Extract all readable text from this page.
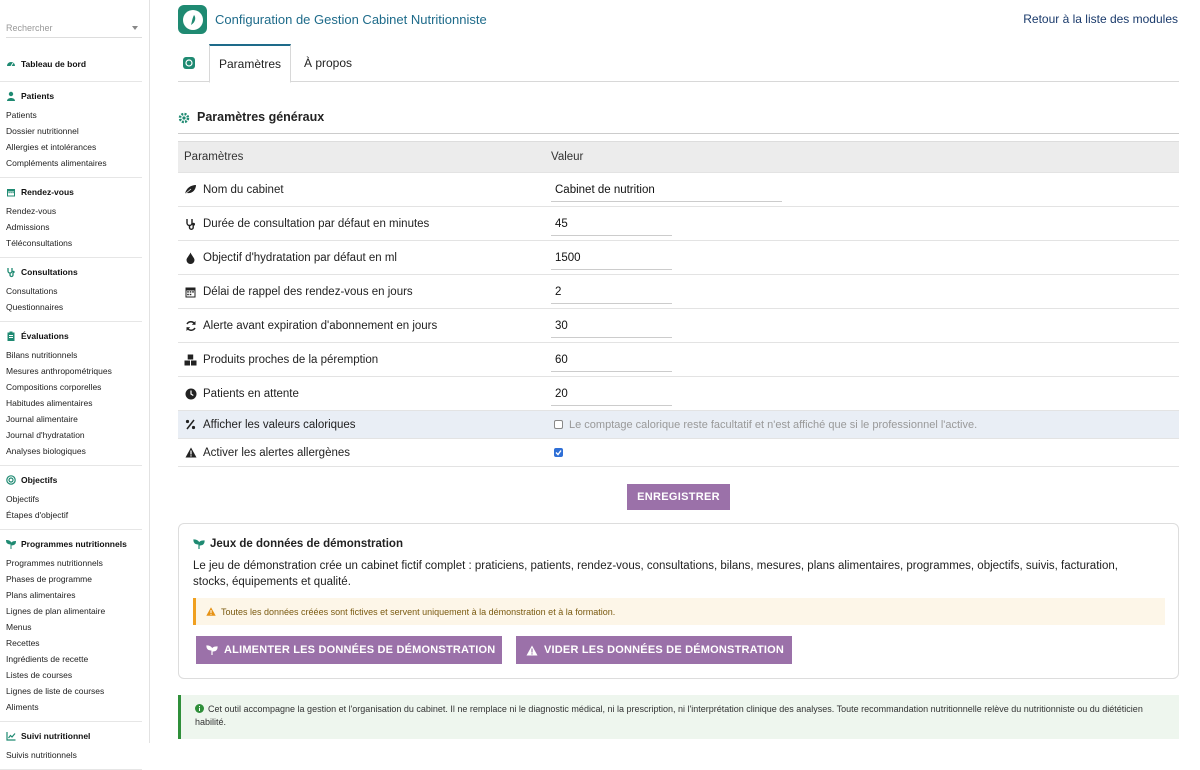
Rechercher
Tableau de bord
Patients
Patients
Dossier nutritionnel
Allergies et intolérances
Compléments alimentaires
Rendez-vous
Rendez-vous
Admissions
Téléconsultations
Consultations
Consultations
Questionnaires
Évaluations
Bilans nutritionnels
Mesures anthropométriques
Compositions corporelles
Habitudes alimentaires
Journal alimentaire
Journal d'hydratation
Analyses biologiques
Objectifs
Objectifs
Étapes d'objectif
Programmes nutritionnels
Programmes nutritionnels
Phases de programme
Plans alimentaires
Lignes de plan alimentaire
Menus
Recettes
Ingrédients de recette
Listes de courses
Lignes de liste de courses
Aliments
Suivi nutritionnel
Suivis nutritionnels
Configuration de Gestion Cabinet Nutritionniste	Retour à la liste des modules
Paramètres	À propos
Paramètres généraux
Paramètres	Valeur
Nom du cabinet	Cabinet de nutrition
Durée de consultation par défaut en minutes	45
Objectif d'hydratation par défaut en ml	1500
Délai de rappel des rendez-vous en jours	2
Alerte avant expiration d'abonnement en jours	30
Produits proches de la péremption	60
Patients en attente	20
Afficher les valeurs caloriques	Le comptage calorique reste facultatif et n'est affiché que si le professionnel l'active.
Activer les alertes allergènes
ENREGISTRER
Jeux de données de démonstration
Le jeu de démonstration crée un cabinet fictif complet : praticiens, patients, rendez-vous, consultations, bilans, mesures, plans alimentaires, programmes, objectifs, suivis, facturation, stocks, équipements et qualité.
Toutes les données créées sont fictives et servent uniquement à la démonstration et à la formation.
ALIMENTER LES DONNÉES DE DÉMONSTRATION	VIDER LES DONNÉES DE DÉMONSTRATION
Cet outil accompagne la gestion et l'organisation du cabinet. Il ne remplace ni le diagnostic médical, ni la prescription, ni l'interprétation clinique des analyses. Toute recommandation nutritionnelle relève du nutritionniste ou du diététicien habilité.
